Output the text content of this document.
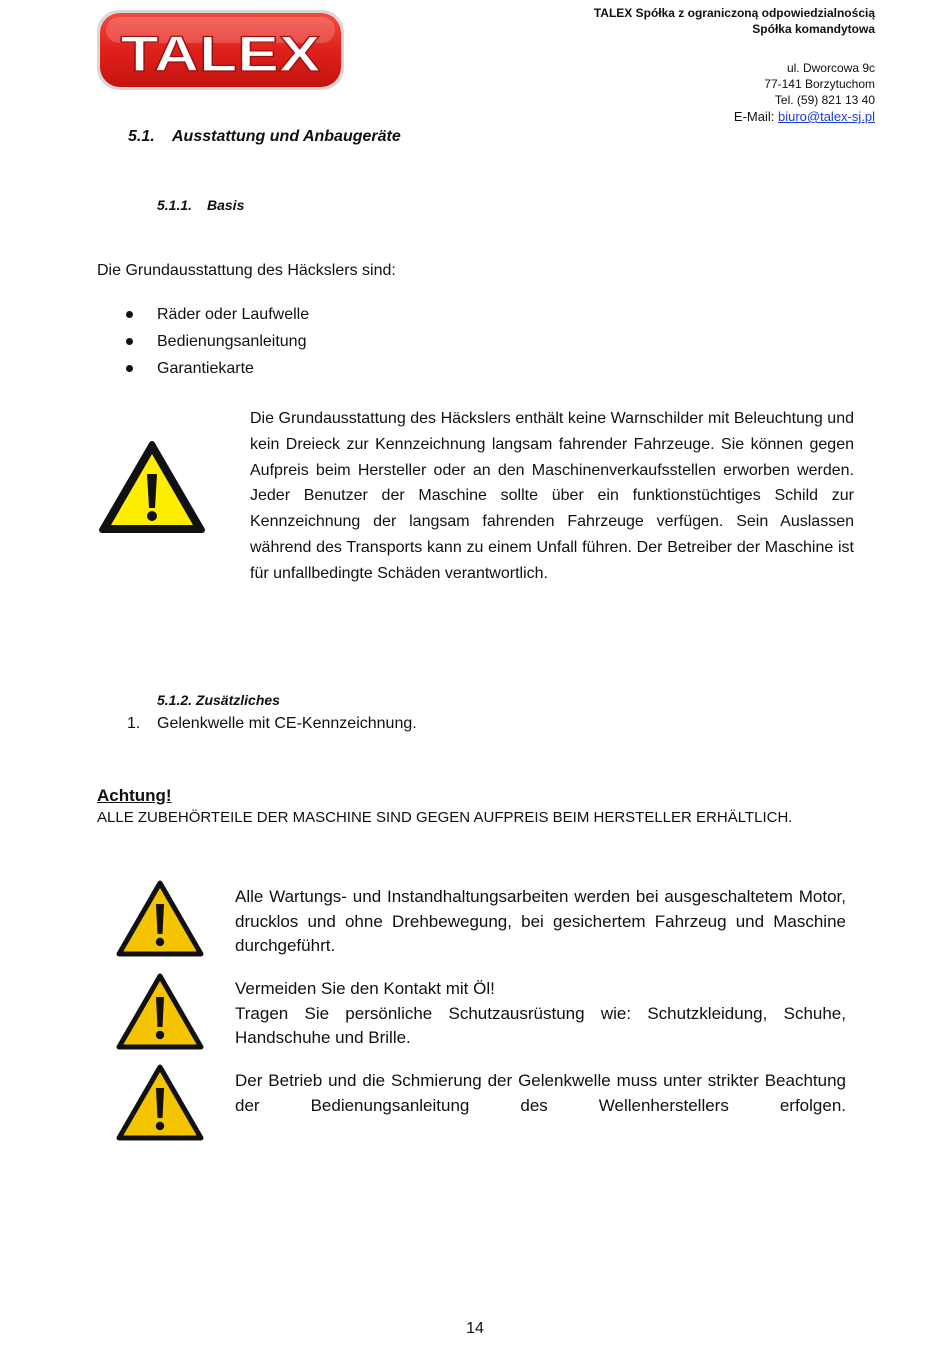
TALEX
TALEX Spółka z ograniczoną odpowiedzialnością
Spółka komandytowa
ul. Dworcowa 9c
77-141 Borzytuchom
Tel. (59) 821 13 40
E-Mail: biuro@talex-sj.pl
5.1. Ausstattung und Anbaugeräte
5.1.1. Basis
Die Grundausstattung des Häckslers sind:
Räder oder Laufwelle
Bedienungsanleitung
Garantiekarte
Die Grundausstattung des Häckslers enthält keine Warnschilder mit Beleuchtung und kein Dreieck zur Kennzeichnung langsam fahrender Fahrzeuge. Sie können gegen Aufpreis beim Hersteller oder an den Maschinenverkaufsstellen erworben werden. Jeder Benutzer der Maschine sollte über ein funktionstüchtiges Schild zur Kennzeichnung der langsam fahrenden Fahrzeuge verfügen. Sein Auslassen während des Transports kann zu einem Unfall führen. Der Betreiber der Maschine ist für unfallbedingte Schäden verantwortlich.
5.1.2. Zusätzliches
1. Gelenkwelle mit CE-Kennzeichnung.
Achtung!
ALLE ZUBEHÖRTEILE DER MASCHINE SIND GEGEN AUFPREIS BEIM HERSTELLER ERHÄLTLICH.

Alle Wartungs- und Instandhaltungsarbeiten werden bei ausgeschaltetem Motor, drucklos und ohne Drehbewegung, bei gesichertem Fahrzeug und Maschine durchgeführt.

Vermeiden Sie den Kontakt mit Öl!

Tragen Sie persönliche Schutzausrüstung wie: Schutzkleidung, Schuhe, Handschuhe und Brille.

Der Betrieb und die Schmierung der Gelenkwelle muss unter strikter Beachtung der Bedienungsanleitung des Wellenherstellers erfolgen.

14
